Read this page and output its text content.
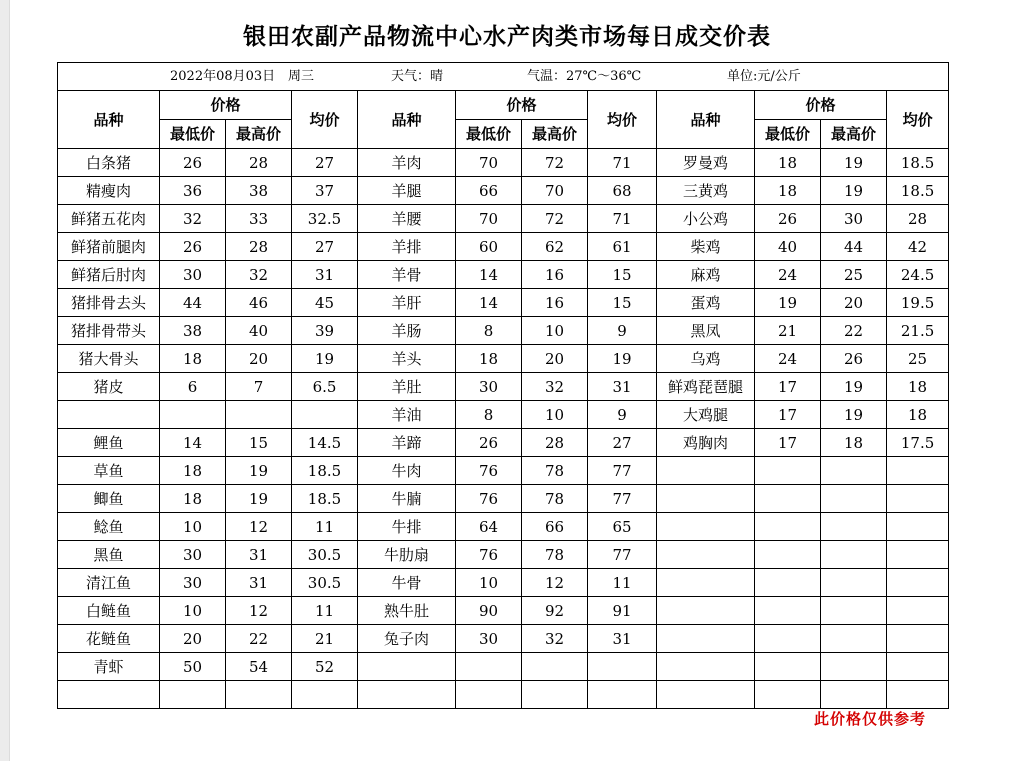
银田农副产品物流中心水产肉类市场每日成交价表
2022年08月03日 周三 天气：晴 气温：27℃～36℃ 单位:元/公斤											

品种	价格		均价	品种	价格		均价	品种	价格		均价
	最低价	最高价			最低价	最高价			最低价	最高价	
白条猪	26	28	27	羊肉	70	72	71	罗曼鸡	18	19	18.5
精瘦肉	36	38	37	羊腿	66	70	68	三黄鸡	18	19	18.5
鲜猪五花肉	32	33	32.5	羊腰	70	72	71	小公鸡	26	30	28
鲜猪前腿肉	26	28	27	羊排	60	62	61	柴鸡	40	44	42
鲜猪后肘肉	30	32	31	羊骨	14	16	15	麻鸡	24	25	24.5
猪排骨去头	44	46	45	羊肝	14	16	15	蛋鸡	19	20	19.5
猪排骨带头	38	40	39	羊肠	8	10	9	黑凤	21	22	21.5
猪大骨头	18	20	19	羊头	18	20	19	乌鸡	24	26	25
猪皮	6	7	6.5	羊肚	30	32	31	鲜鸡琵琶腿	17	19	18
				羊油	8	10	9	大鸡腿	17	19	18
鲤鱼	14	15	14.5	羊蹄	26	28	27	鸡胸肉	17	18	17.5
草鱼	18	19	18.5	牛肉	76	78	77				
鲫鱼	18	19	18.5	牛腩	76	78	77				
鲶鱼	10	12	11	牛排	64	66	65				
黑鱼	30	31	30.5	牛肋扇	76	78	77				
清江鱼	30	31	30.5	牛骨	10	12	11				
白鲢鱼	10	12	11	熟牛肚	90	92	91				
花鲢鱼	20	22	21	兔子肉	30	32	31				
青虾	50	54	52								

此价格仅供参考
